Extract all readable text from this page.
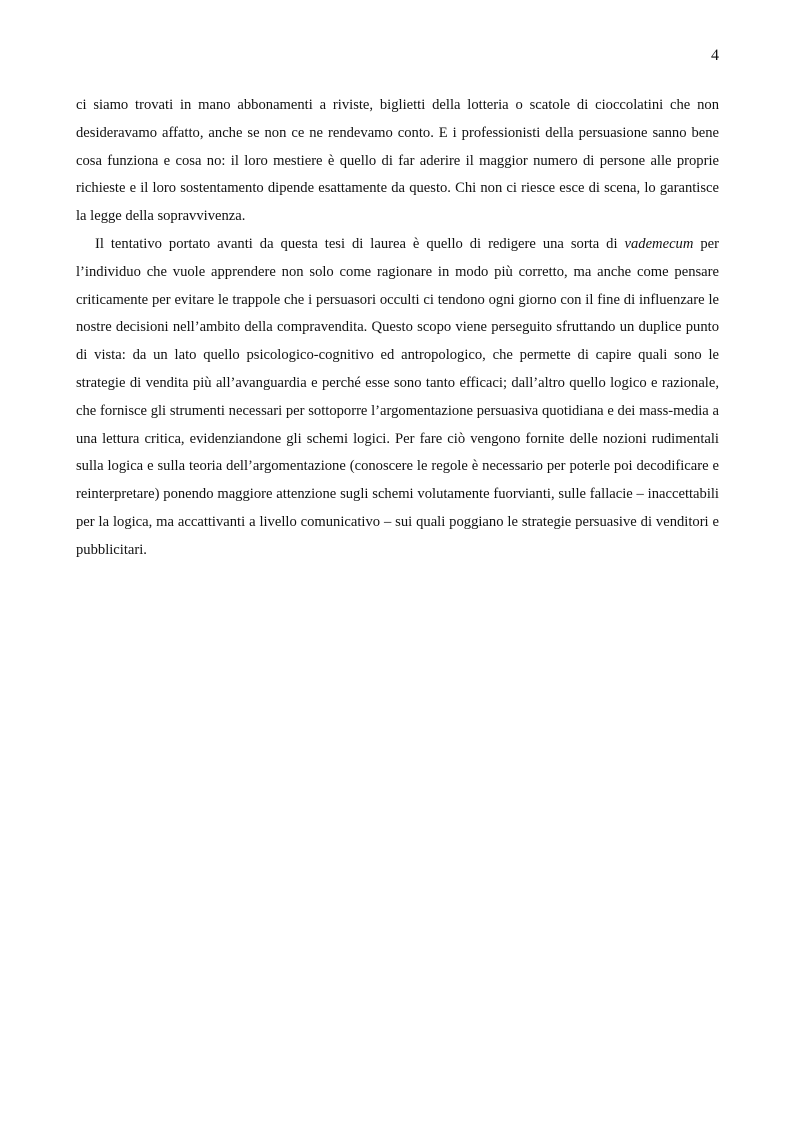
4

ci siamo trovati in mano abbonamenti a riviste, biglietti della lotteria o scatole di cioccolatini che non desideravamo affatto, anche se non ce ne rendevamo conto. E i professionisti della persuasione sanno bene cosa funziona e cosa no: il loro mestiere è quello di far aderire il maggior numero di persone alle proprie richieste e il loro sostentamento dipende esattamente da questo. Chi non ci riesce esce di scena, lo garantisce la legge della sopravvivenza.

Il tentativo portato avanti da questa tesi di laurea è quello di redigere una sorta di vademecum per l’individuo che vuole apprendere non solo come ragionare in modo più corretto, ma anche come pensare criticamente per evitare le trappole che i persuasori occulti ci tendono ogni giorno con il fine di influenzare le nostre decisioni nell’ambito della compravendita. Questo scopo viene perseguito sfruttando un duplice punto di vista: da un lato quello psicologico-cognitivo ed antropologico, che permette di capire quali sono le strategie di vendita più all’avanguardia e perché esse sono tanto efficaci; dall’altro quello logico e razionale, che fornisce gli strumenti necessari per sottoporre l’argomentazione persuasiva quotidiana e dei mass-media a una lettura critica, evidenziandone gli schemi logici. Per fare ciò vengono fornite delle nozioni rudimentali sulla logica e sulla teoria dell’argomentazione (conoscere le regole è necessario per poterle poi decodificare e reinterpretare) ponendo maggiore attenzione sugli schemi volutamente fuorvianti, sulle fallacie – inaccettabili per la logica, ma accattivanti a livello comunicativo – sui quali poggiano le strategie persuasive di venditori e pubblicitari.
